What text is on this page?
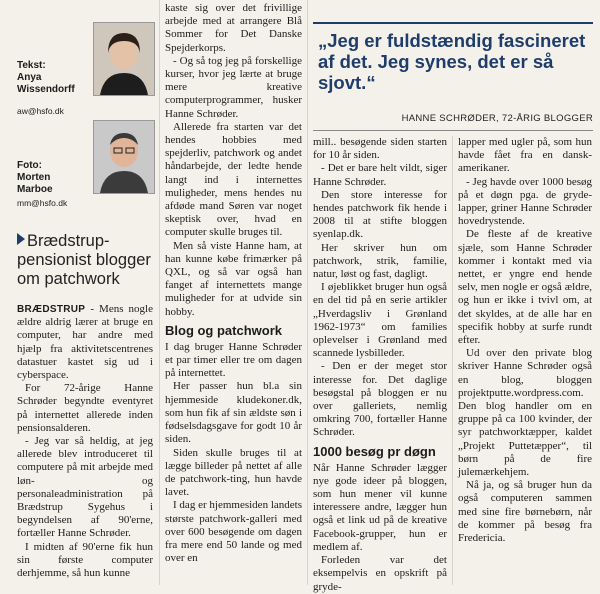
Tekst:
Anya
Wissendorff
aw@hsfo.dk
Foto:
Morten
Marboe
mm@hsfo.dk
Brædstrup-pensionist blogger om patchwork

BRÆDSTRUP - Mens nogle ældre aldrig lærer at bruge en computer, har andre med hjælp fra aktivitetscentrenes datastuer kastet sig ud i cyberspace.

For 72-årige Hanne Schrøder begyndte eventyret på internettet allerede inden pensionsalderen.

- Jeg var så heldig, at jeg allerede blev introduceret til computere på mit arbejde med løn- og personaleadministration på Brædstrup Sygehus i begyndelsen af 90'erne, fortæller Hanne Schrøder.

I midten af 90'erne fik hun sin første computer derhjemme, så hun kunne

kaste sig over det frivillige arbejde med at arrangere Blå Sommer for Det Danske Spejderkorps.

- Og så tog jeg på forskellige kurser, hvor jeg lærte at bruge mere kreative computerprogrammer, husker Hanne Schrøder.

Allerede fra starten var det hendes hobbies med spejderliv, patchwork og andet håndarbejde, der ledte hende langt ind i internettes muligheder, mens hendes nu afdøde mand Søren var noget skeptisk over, hvad en computer skulle bruges til.

Men så viste Hanne ham, at han kunne købe frimærker på QXL, og så var også han fanget af internettets mange muligheder for at udvide sin hobby.

Blog og patchwork

I dag bruger Hanne Schrøder et par timer eller tre om dagen på internettet.

Her passer hun bl.a sin hjemmeside kludekoner.dk, som hun fik af sin ældste søn i fødselsdagsgave for godt 10 år siden.

Siden skulle bruges til at lægge billeder på nettet af alle de patchwork-ting, hun havde lavet.

I dag er hjemmesiden landets største patchwork-galleri med over 600 besøgende om dagen fra mere end 50 lande og med over en

„Jeg er fuldstændig fascineret af det. Jeg synes, det er så sjovt.“
HANNE SCHRØDER, 72-ÅRIG BLOGGER

mill.. besøgende siden starten for 10 år siden.

- Det er bare helt vildt, siger Hanne Schrøder.

Den store interesse for hendes patchwork fik hende i 2008 til at stifte bloggen syenlap.dk.

Her skriver hun om patchwork, strik, familie, natur, løst og fast, dagligt.

I øjeblikket bruger hun også en del tid på en serie artikler „Hverdagsliv i Grønland 1962-1973“ om families oplevelser i Grønland med scannede lysbilleder.

- Den er der meget stor interesse for. Det daglige besøgstal på bloggen er nu over galleriets, nemlig omkring 700, fortæller Hanne Schrøder.

1000 besøg pr døgn

Når Hanne Schrøder lægger nye gode ideer på bloggen, som hun mener vil kunne interessere andre, lægger hun også et link ud på de kreative Facebook-grupper, hun er medlem af.

Forleden var det eksempelvis en opskrift på gryde-

lapper med ugler på, som hun havde fået fra en dansk-amerikaner.

- Jeg havde over 1000 besøg på et døgn pga. de gryde-lapper, griner Hanne Schrøder hovedrystende.

De fleste af de kreative sjæle, som Hanne Schrøder kommer i kontakt med via nettet, er yngre end hende selv, men nogle er også ældre, og hun er ikke i tvivl om, at det skyldes, at de alle har en specifik hobby at surfe rundt efter.

Ud over den private blog skriver Hanne Schrøder også en blog, bloggen projektputte.wordpress.com. Den blog handler om en gruppe på ca 100 kvinder, der syr patchworktæpper, kaldet „Projekt Puttetæpper“, til børn på de fire julemærkehjem.

Nå ja, og så bruger hun da også computeren sammen med sine fire børnebørn, når de kommer på besøg fra Fredericia.
